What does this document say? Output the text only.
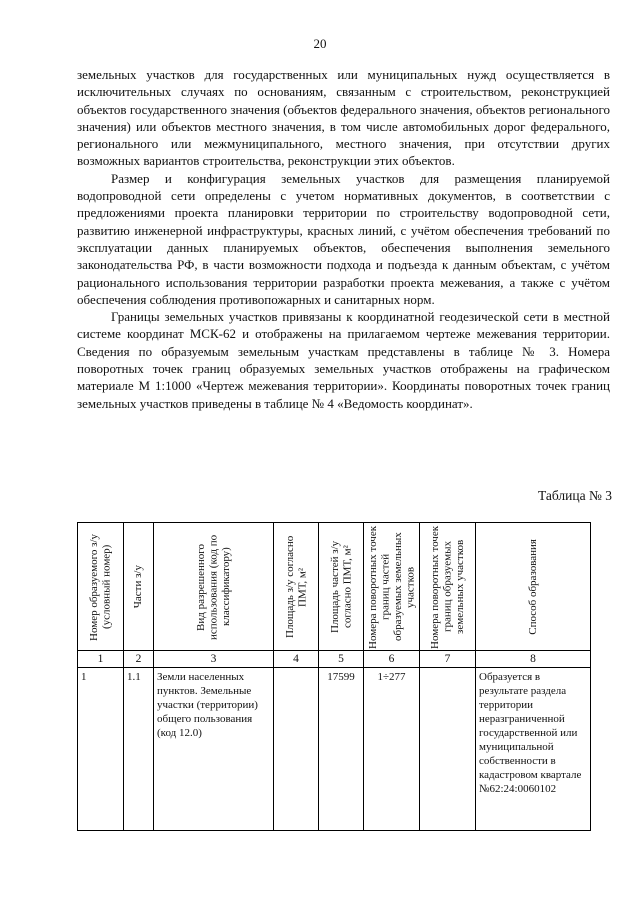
20

земельных участков для государственных или муниципальных нужд осуществляется в исключительных случаях по основаниям, связанным с строительством, реконструкцией объектов государственного значения (объектов федерального значения, объектов регионального значения) или объектов местного значения, в том числе автомобильных дорог федерального, регионального или межмуниципального, местного значения, при отсутствии других возможных вариантов строительства, реконструкции этих объектов.

Размер и конфигурация земельных участков для размещения планируемой водопроводной сети определены с учетом нормативных документов, в соответствии с предложениями проекта планировки территории по строительству водопроводной сети, развитию инженерной инфраструктуры, красных линий, с учётом обеспечения требований по эксплуатации данных планируемых объектов, обеспечения выполнения земельного законодательства РФ, в части возможности подхода и подъезда к данным объектам, с учётом рационального использования территории разработки проекта межевания, а также с учётом обеспечения соблюдения противопожарных и санитарных норм.

Границы земельных участков привязаны к координатной геодезической сети в местной системе координат МСК-62 и отображены на прилагаемом чертеже межевания территории. Сведения по образуемым земельным участкам представлены в таблице № 3. Номера поворотных точек границ образуемых земельных участков отображены на графическом материале М 1:1000 «Чертеж межевания территории». Координаты поворотных точек границ земельных участков приведены в таблице № 4 «Ведомость координат».

Таблица № 3
Номер образуемого з/у (условный номер)	Части з/у	Вид разрешенного использования (код по классификатору)	Площадь з/у согласно ПМТ, м²	Площадь частей з/у согласно ПМТ, м²	Номера поворотных точек границ частей образуемых земельных участков	Номера поворотных точек границ образуемых земельных участков	Способ образования

1	2	3	4	5	6	7	8
1	1.1	Земли населенных пунктов. Земельные участки (территории) общего пользования (код 12.0)		17599	1÷277		Образуется в результате раздела территории неразграниченной государственной или муниципальной собственности в кадастровом квартале №62:24:0060102
